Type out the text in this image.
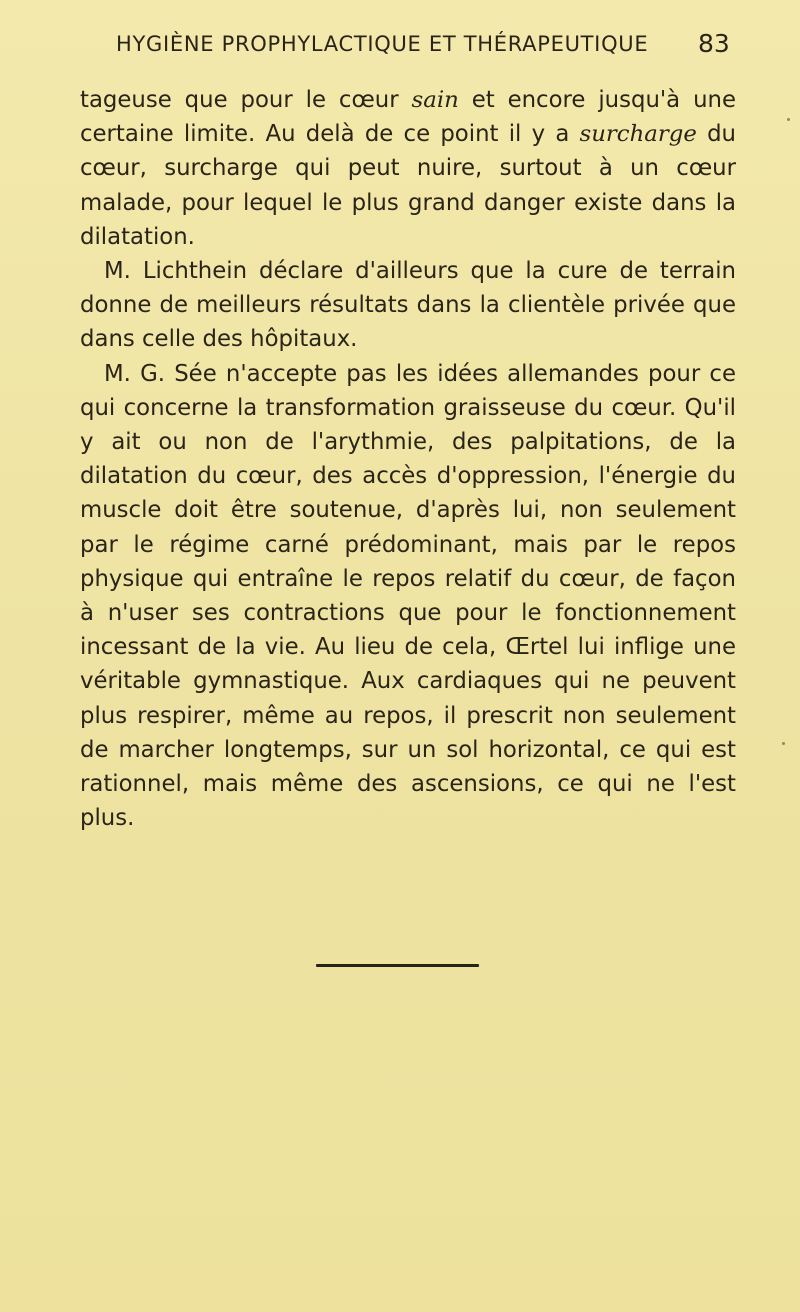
HYGIÈNE PROPHYLACTIQUE ET THÉRAPEUTIQUE 83

tageuse que pour le cœur sain et encore jusqu'à une certaine limite. Au delà de ce point il y a surcharge du cœur, surcharge qui peut nuire, surtout à un cœur malade, pour lequel le plus grand danger existe dans la dilatation.

M. Lichthein déclare d'ailleurs que la cure de terrain donne de meilleurs résultats dans la clientèle privée que dans celle des hôpitaux.

M. G. Sée n'accepte pas les idées allemandes pour ce qui concerne la transformation graisseuse du cœur. Qu'il y ait ou non de l'arythmie, des palpitations, de la dilatation du cœur, des accès d'oppression, l'énergie du muscle doit être soutenue, d'après lui, non seulement par le régime carné prédominant, mais par le repos physique qui entraîne le repos relatif du cœur, de façon à n'user ses contractions que pour le fonctionnement incessant de la vie. Au lieu de cela, Œrtel lui inflige une véritable gymnastique. Aux cardiaques qui ne peuvent plus respirer, même au repos, il prescrit non seulement de marcher longtemps, sur un sol horizontal, ce qui est rationnel, mais même des ascensions, ce qui ne l'est plus.
